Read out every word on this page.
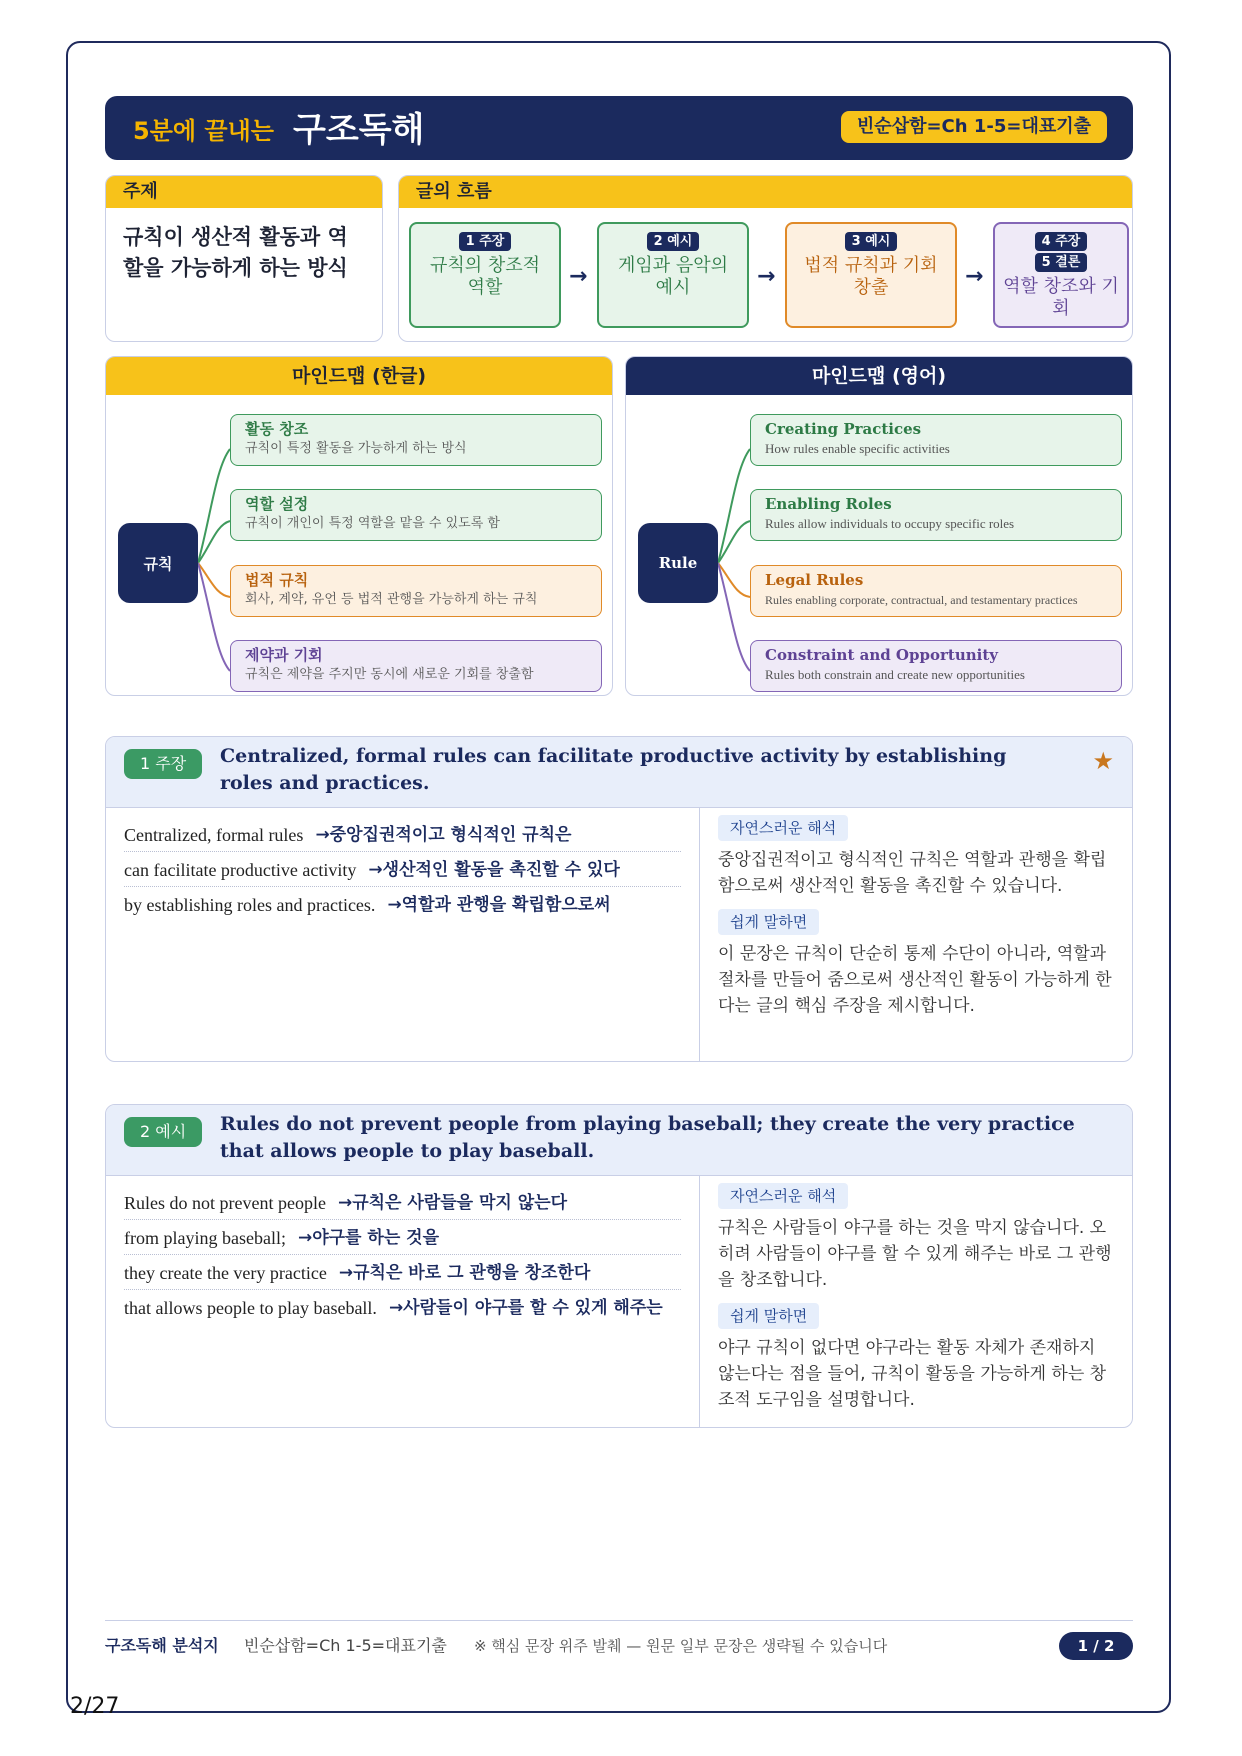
5분에 끝내는 구조독해	빈순삽함=Ch 1-5=대표기출
주제
규칙이 생산적 활동과 역할을 가능하게 하는 방식
글의 흐름
1 주장
규칙의 창조적 역할	→
2 예시
게임과 음악의 예시	→
3 예시
법적 규칙과 기회 창출	→
4 주장
5 결론
역할 창조와 기회
마인드맵 (한글)
규칙
활동 창조
규칙이 특정 활동을 가능하게 하는 방식
역할 설정
규칙이 개인이 특정 역할을 맡을 수 있도록 함
법적 규칙
회사, 계약, 유언 등 법적 관행을 가능하게 하는 규칙
제약과 기회
규칙은 제약을 주지만 동시에 새로운 기회를 창출함
마인드맵 (영어)
Rule
Creating Practices
How rules enable specific activities
Enabling Roles
Rules allow individuals to occupy specific roles
Legal Rules
Rules enabling corporate, contractual, and testamentary practices
Constraint and Opportunity
Rules both constrain and create new opportunities
1 주장	Centralized, formal rules can facilitate productive activity by establishing roles and practices.
★
Centralized, formal rules →중앙집권적이고 형식적인 규칙은
can facilitate productive activity →생산적인 활동을 촉진할 수 있다
by establishing roles and practices. →역할과 관행을 확립함으로써
자연스러운 해석
중앙집권적이고 형식적인 규칙은 역할과 관행을 확립함으로써 생산적인 활동을 촉진할 수 있습니다.
쉽게 말하면
이 문장은 규칙이 단순히 통제 수단이 아니라, 역할과 절차를 만들어 줌으로써 생산적인 활동이 가능하게 한다는 글의 핵심 주장을 제시합니다.
2 예시	Rules do not prevent people from playing baseball; they create the very practice that allows people to play baseball.
Rules do not prevent people →규칙은 사람들을 막지 않는다
from playing baseball; →야구를 하는 것을
they create the very practice →규칙은 바로 그 관행을 창조한다
that allows people to play baseball. →사람들이 야구를 할 수 있게 해주는
자연스러운 해석
규칙은 사람들이 야구를 하는 것을 막지 않습니다. 오히려 사람들이 야구를 할 수 있게 해주는 바로 그 관행을 창조합니다.
쉽게 말하면
야구 규칙이 없다면 야구라는 활동 자체가 존재하지 않는다는 점을 들어, 규칙이 활동을 가능하게 하는 창조적 도구임을 설명합니다.
구조독해 분석지 빈순삽함=Ch 1-5=대표기출 ※ 핵심 문장 위주 발췌 — 원문 일부 문장은 생략될 수 있습니다	1 / 2
2/27
